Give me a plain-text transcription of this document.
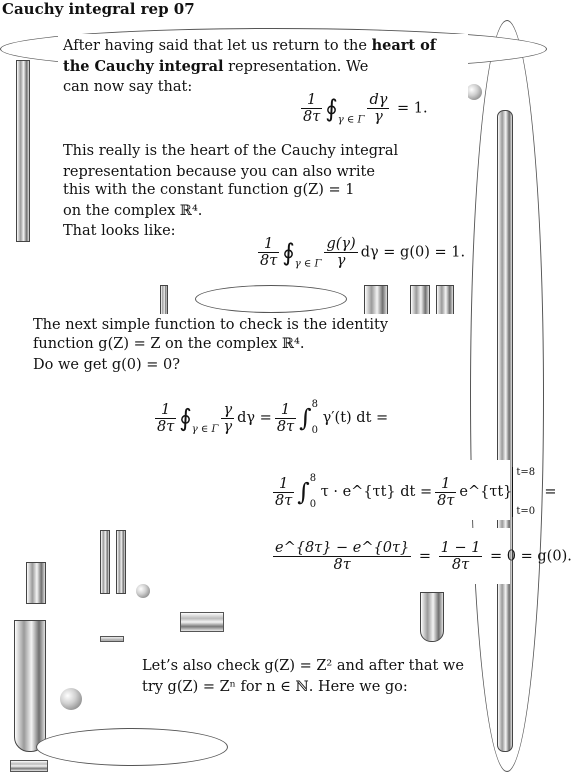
Cauchy integral rep 07
After having said that let us return to the heart of
the Cauchy integral representation. We
can now say that:
$\frac{1}{8\tau}$ $∮_{\gamma \in \Gamma} \frac{d\gamma}{\gamma} = 1$.
This really is the heart of the Cauchy integral
representation because you can also write
this with the constant function g(Z) = 1
on the complex ℝ⁴.
That looks like:
$\frac{1}{8\tau}$ $∮_{\gamma \in \Gamma} \frac{g(\gamma)}{\gamma}$ dγ = g(0) = 1.
The next simple function to check is the identity
function g(Z) = Z on the complex ℝ⁴.
Do we get g(0) = 0?
$\frac{1}{8\tau}$ $∮_{\gamma \in \Gamma} \frac{\gamma}{\gamma}$ $d\gamma = \frac{1}{8\tau} \int 8$
0 γ′(t) dt =
$\frac{1}{8\tau} \int 8$
0 τ · e^{τt} dt = $\frac{1}{8\tau}$ e^{τt}
t=8
t=0
=
$\frac{e\^{}\{8\tau\} - e\^{}\{0\tau\}}{8\tau} = \frac{1 - 1}{8\tau} = 0 = g(0)$.
Let’s also check g(Z) = Z² and after that we
try g(Z) = Zⁿ for n ∈ ℕ. Here we go:
